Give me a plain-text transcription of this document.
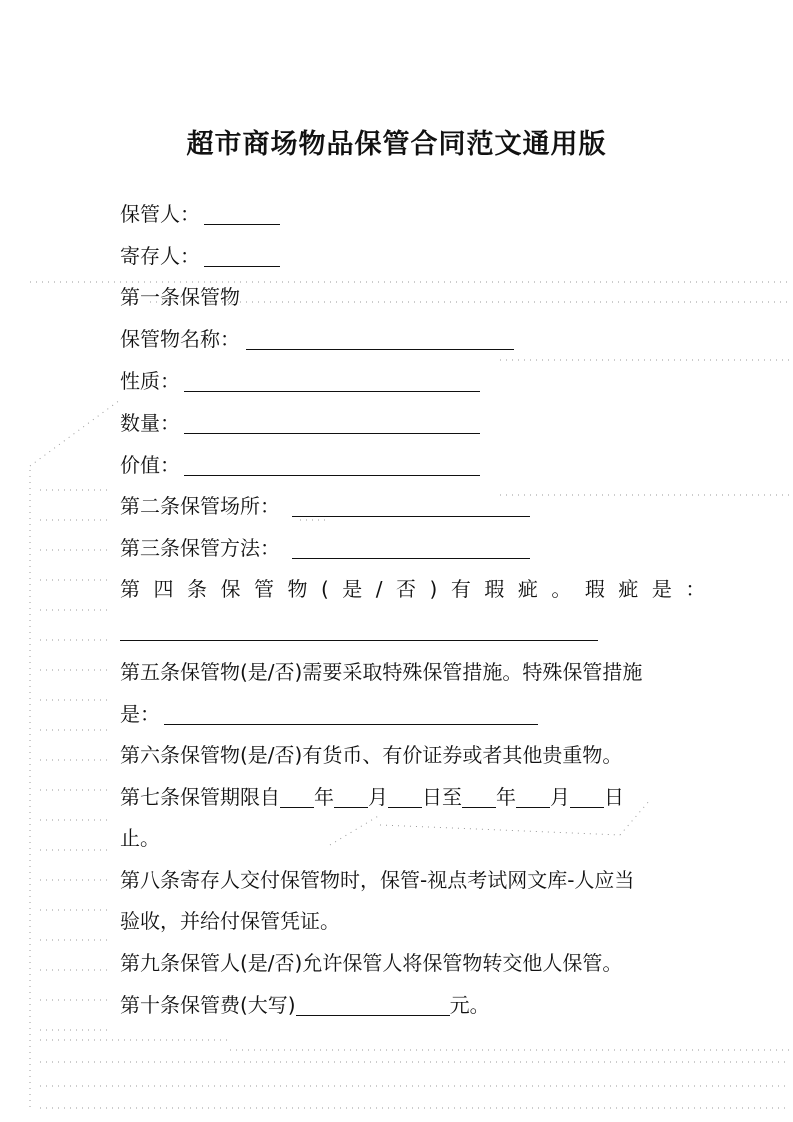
超市商场物品保管合同范文通用版
保管人：
寄存人：
第一条保管物
保管物名称：
性质：
数量：
价值：
第二条保管场所：
第三条保管方法：
第四条保管物(是/否)有瑕疵。瑕疵是：
第五条保管物(是/否)需要采取特殊保管措施。特殊保管措施
是：
第六条保管物(是/否)有货币、有价证券或者其他贵重物。
第七条保管期限自 年 月 日至 年 月 日
止。
第八条寄存人交付保管物时，保管-视点考试网文库-人应当
验收，并给付保管凭证。
第九条保管人(是/否)允许保管人将保管物转交他人保管。
第十条保管费(大写)	元。
